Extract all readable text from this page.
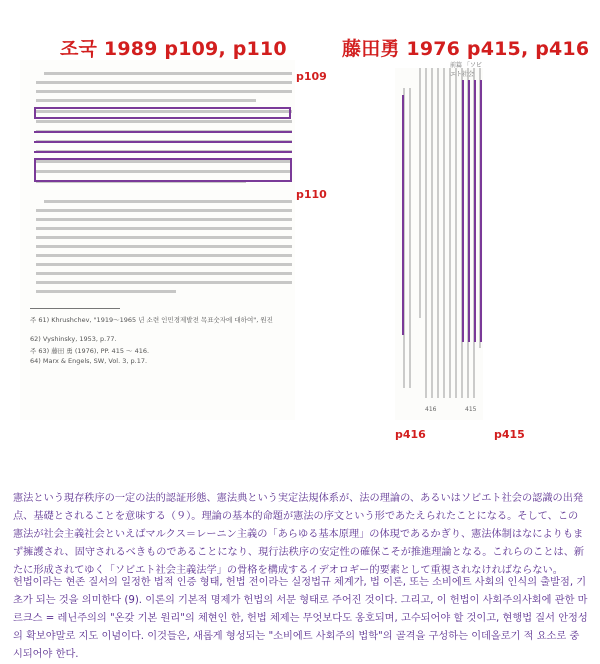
조국 1989 p109, p110	藤田勇 1976 p415, p416
주 61) Khrushchev, "1919～1965 년 소련 인민경제발전 목표숫자에 대하여", 원진
62) Vyshinsky, 1953, p.77.
주 63) 藤田 勇 (1976), PP. 415 ～ 416.
64) Marx & Engels, SW, Vol. 3, p.17.
p109
p110
前篇 「ソビエト社会
416	415
p416	p415
憲法という現存秩序の一定の法的認証形態、憲法典という実定法規体系が、法の理論の、あるいはソビエト社会の認識の出発点、基礎とされることを意味する（９）。理論の基本的命題が憲法の序文という形であたえられたことになる。そして、この憲法が社会主義社会といえばマルクス＝レーニン主義の「あらゆる基本原理」の体現であるかぎり、憲法体制はなによりもまず擁護され、固守されるべきものであることになり、現行法秩序の安定性の確保こそが推進理論となる。これらのことは、新たに形成されてゆく「ソビエト社会主義法学」の骨格を構成するイデオロギー的要素として重視されなければならない。
헌법이라는 현존 질서의 일정한 법적 인증 형태, 헌법 전이라는 실정법규 체계가, 법 이론, 또는 소비에트 사회의 인식의 출발점, 기초가 되는 것을 의미한다 (9). 이론의 기본적 명제가 헌법의 서문 형태로 주어진 것이다. 그리고, 이 헌법이 사회주의사회에 관한 마르크스 = 레닌주의의 "온갖 기본 원리"의 체현인 한, 헌법 체제는 무엇보다도 옹호되며, 고수되어야 할 것이고, 현행법 질서 안정성의 확보야말로 지도 이념이다. 이것들은, 새롭게 형성되는 "소비에트 사회주의 법학"의 골격을 구성하는 이데올로기 적 요소로 중시되어야 한다.
